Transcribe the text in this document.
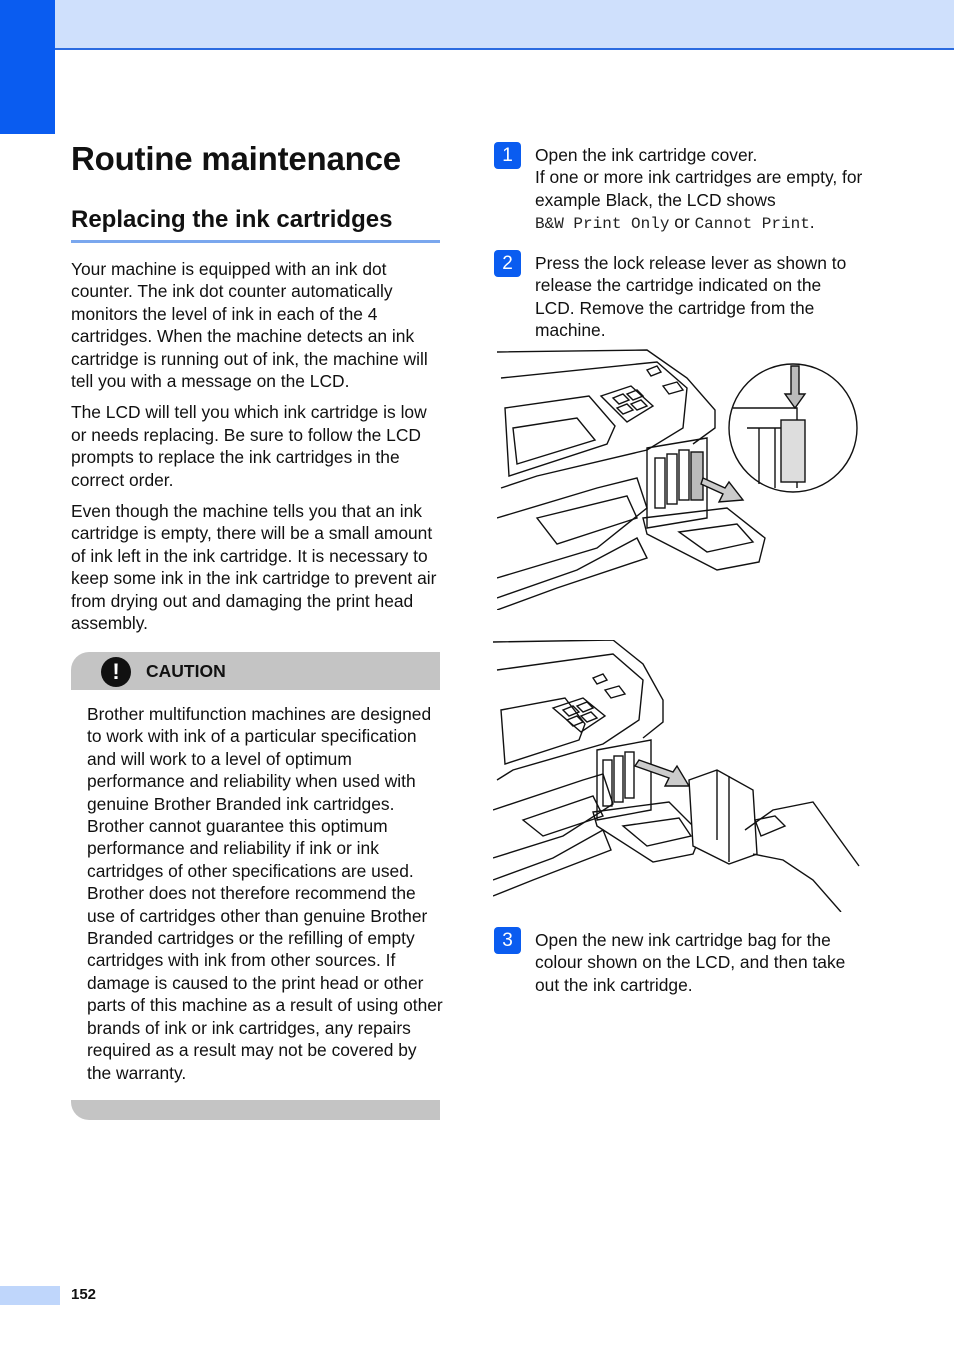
Routine maintenance
Replacing the ink cartridges

Your machine is equipped with an ink dot counter. The ink dot counter automatically monitors the level of ink in each of the 4 cartridges. When the machine detects an ink cartridge is running out of ink, the machine will tell you with a message on the LCD.

The LCD will tell you which ink cartridge is low or needs replacing. Be sure to follow the LCD prompts to replace the ink cartridges in the correct order.

Even though the machine tells you that an ink cartridge is empty, there will be a small amount of ink left in the ink cartridge. It is necessary to keep some ink in the ink cartridge to prevent air from drying out and damaging the print head assembly.

!	CAUTION

Brother multifunction machines are designed to work with ink of a particular specification and will work to a level of optimum performance and reliability when used with genuine Brother Branded ink cartridges. Brother cannot guarantee this optimum performance and reliability if ink or ink cartridges of other specifications are used. Brother does not therefore recommend the use of cartridges other than genuine Brother Branded cartridges or the refilling of empty cartridges with ink from other sources. If damage is caused to the print head or other parts of this machine as a result of using other brands of ink or ink cartridges, any repairs required as a result may not be covered by the warranty.

1	Open the ink cartridge cover.
If one or more ink cartridges are empty, for example Black, the LCD shows
B&W Print Only or Cannot Print.

2	Press the lock release lever as shown to release the cartridge indicated on the LCD. Remove the cartridge from the machine.

3	Open the new ink cartridge bag for the colour shown on the LCD, and then take out the ink cartridge.

152
